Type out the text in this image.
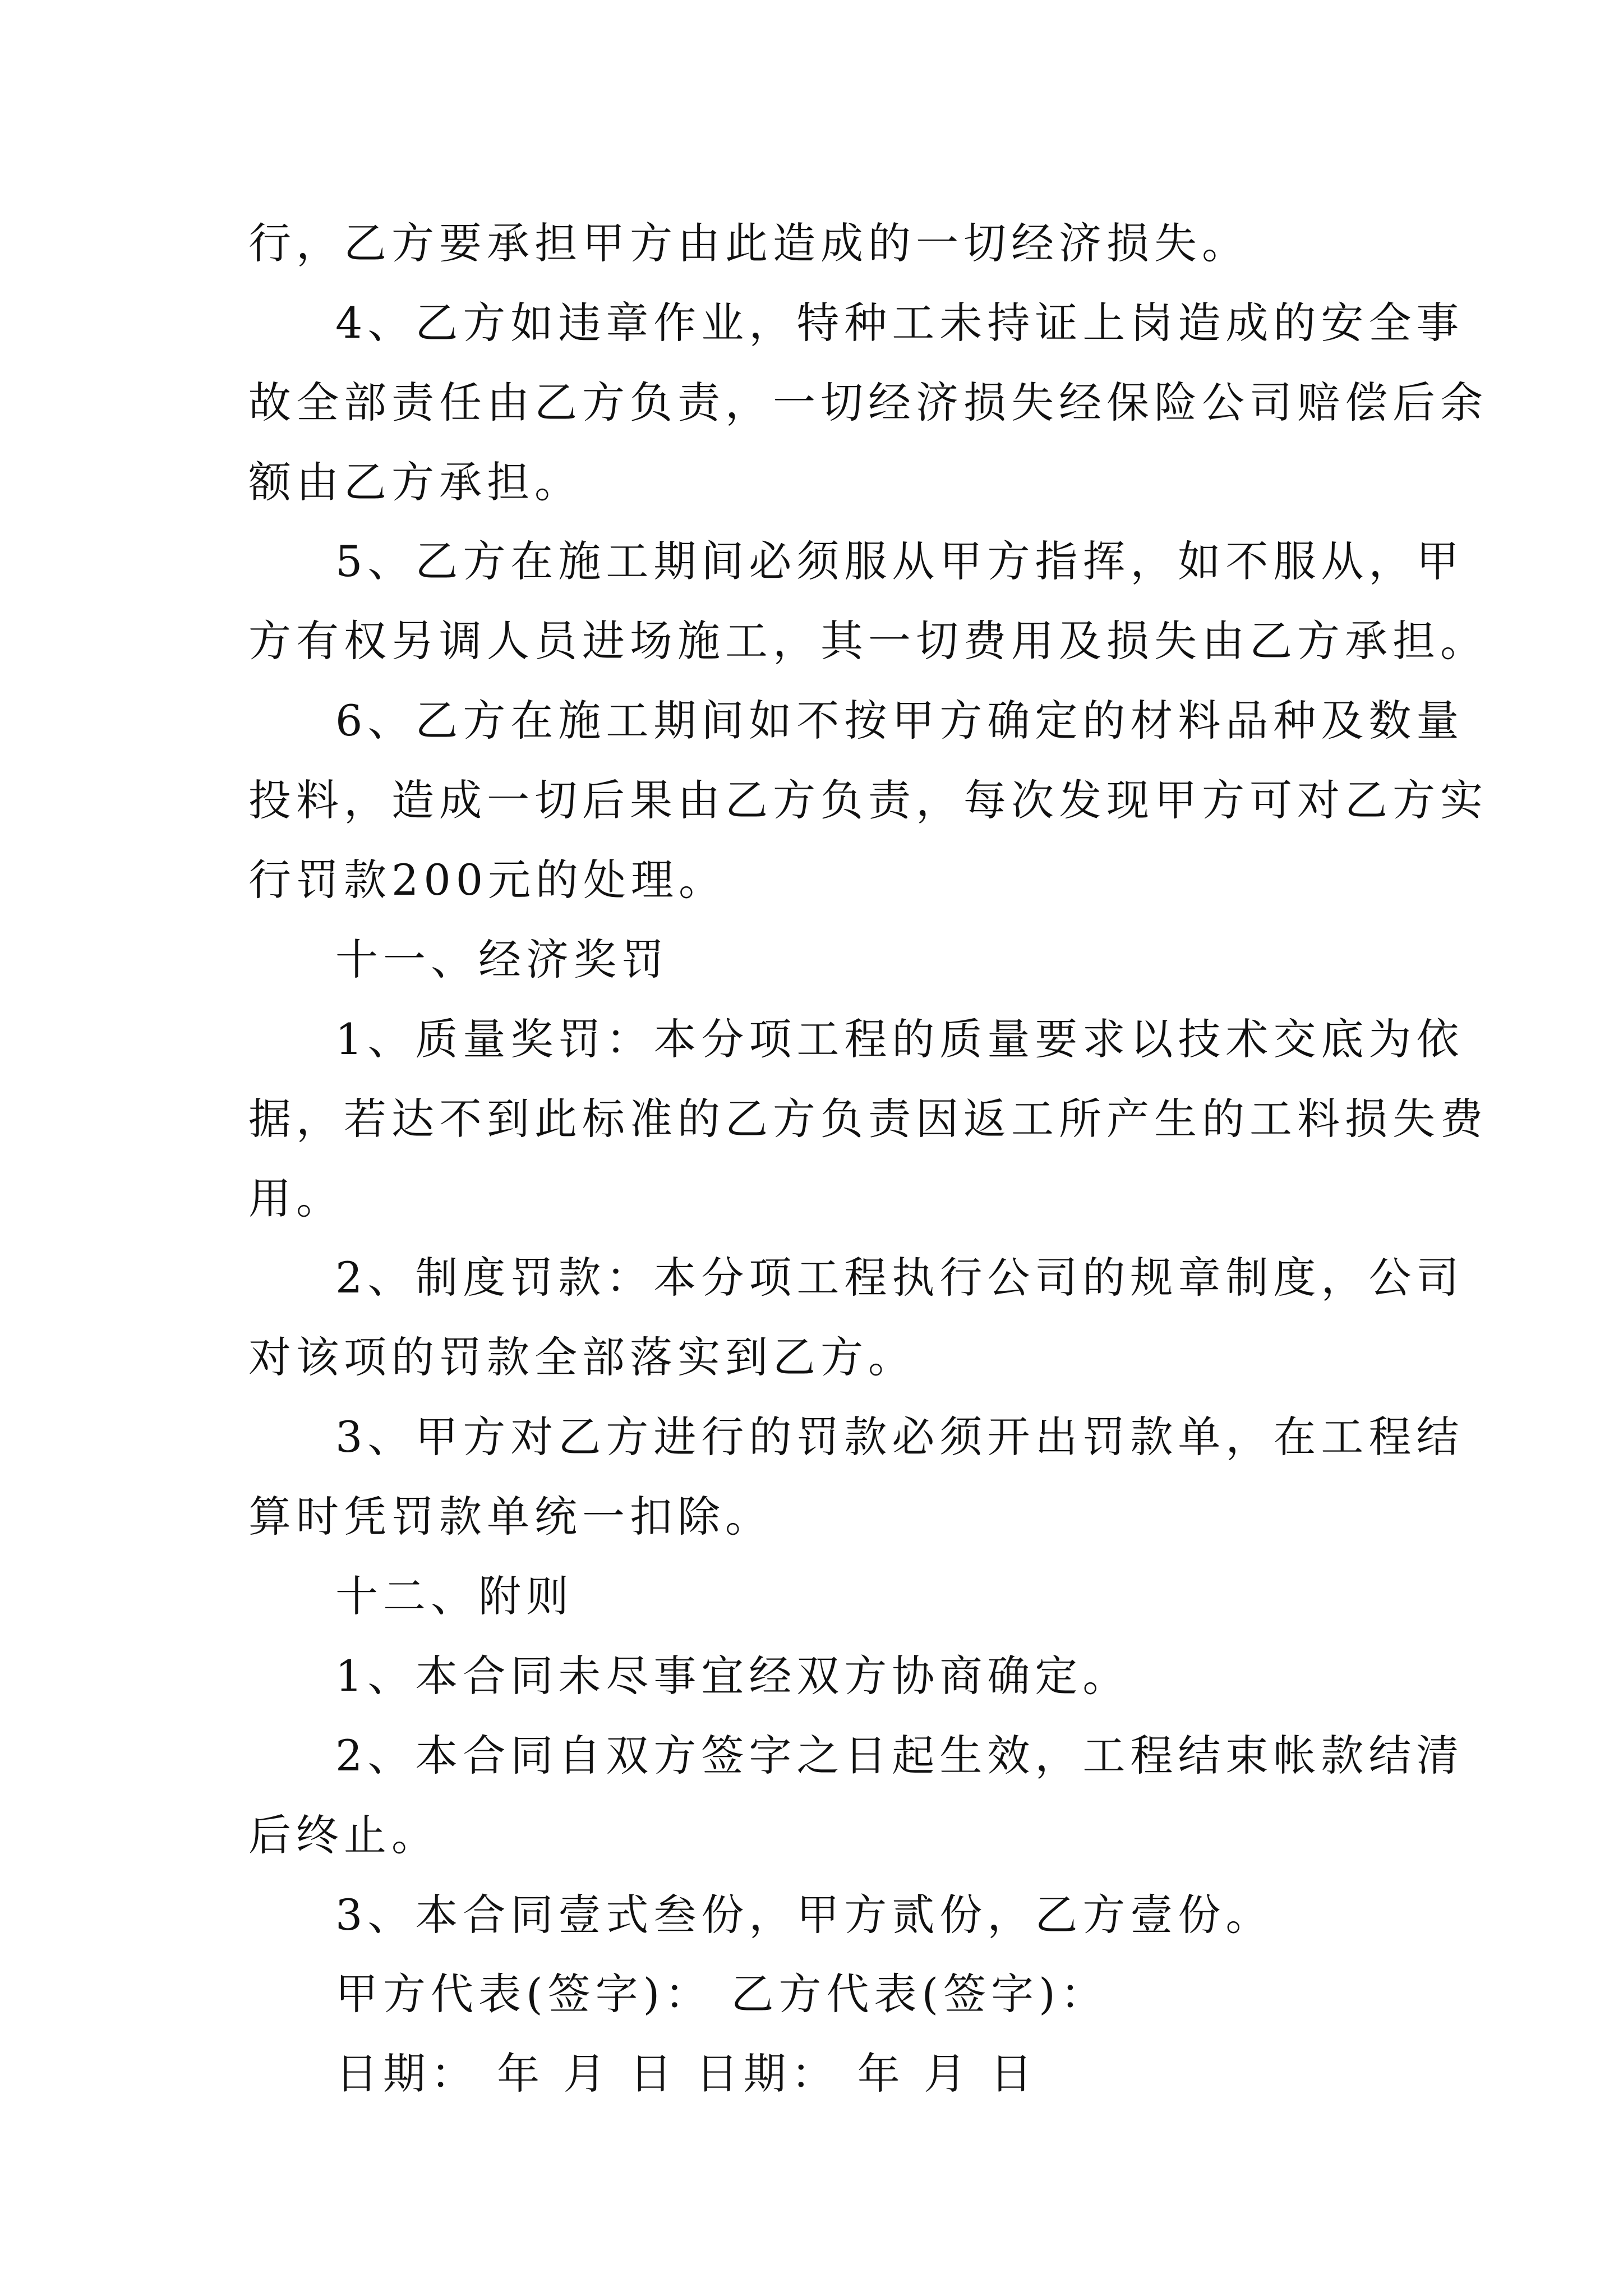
行，乙方要承担甲方由此造成的一切经济损失。
4、乙方如违章作业，特种工未持证上岗造成的安全事
故全部责任由乙方负责，一切经济损失经保险公司赔偿后余
额由乙方承担。
5、乙方在施工期间必须服从甲方指挥，如不服从，甲
方有权另调人员进场施工，其一切费用及损失由乙方承担。
6、乙方在施工期间如不按甲方确定的材料品种及数量
投料，造成一切后果由乙方负责，每次发现甲方可对乙方实
行罚款200元的处理。
十一、经济奖罚
1、质量奖罚：本分项工程的质量要求以技术交底为依
据，若达不到此标准的乙方负责因返工所产生的工料损失费
用。
2、制度罚款：本分项工程执行公司的规章制度，公司
对该项的罚款全部落实到乙方。
3、甲方对乙方进行的罚款必须开出罚款单，在工程结
算时凭罚款单统一扣除。
十二、附则
1、本合同未尽事宜经双方协商确定。
2、本合同自双方签字之日起生效，工程结束帐款结清
后终止。
3、本合同壹式叁份，甲方贰份，乙方壹份。
甲方代表(签字)： 乙方代表(签字)：
日期： 年 月 日 日期： 年 月 日
